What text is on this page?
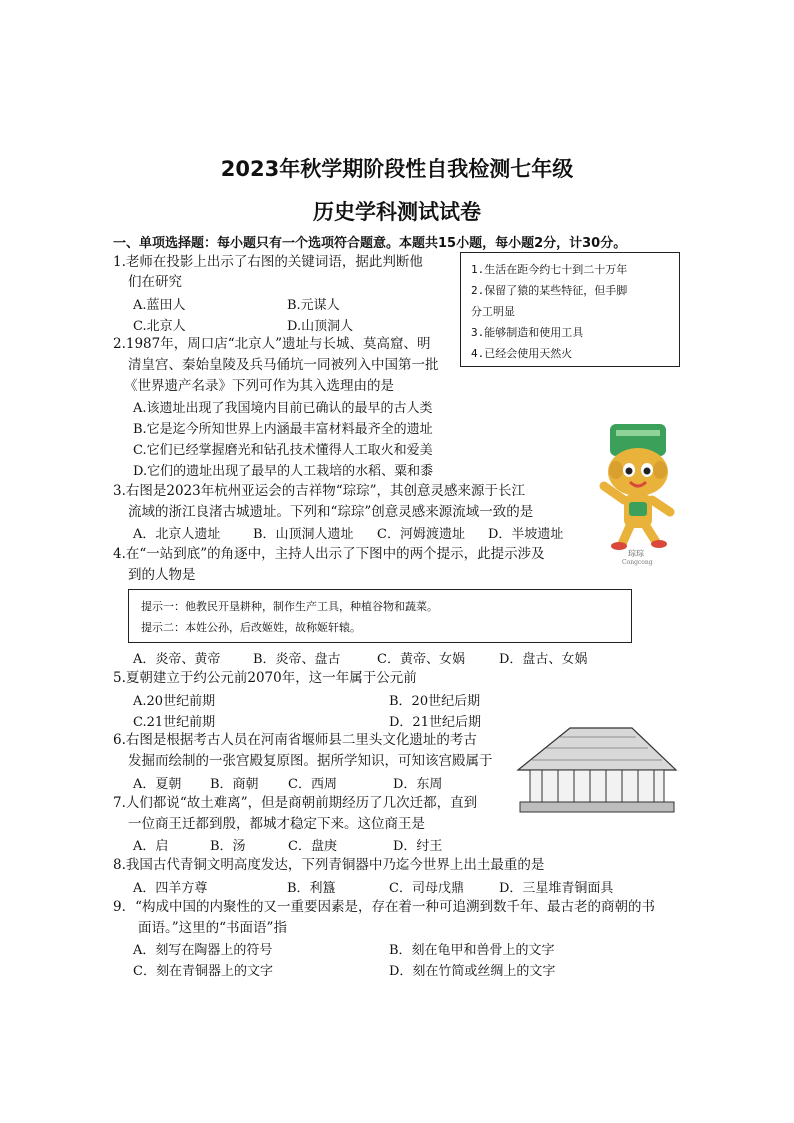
2023年秋学期阶段性自我检测七年级
历史学科测试试卷
一、单项选择题：每小题只有一个选项符合题意。本题共15小题，每小题2分，计30分。
1.老师在投影上出示了右图的关键词语，据此判断他
们在研究
A.蓝田人	B.元谋人
C.北京人	D.山顶洞人
1.生活在距今约七十到二十万年
2.保留了猿的某些特征，但手脚
分工明显
3.能够制造和使用工具
4.已经会使用天然火
2.1987年，周口店“北京人”遗址与长城、莫高窟、明
清皇宫、秦始皇陵及兵马俑坑一同被列入中国第一批
《世界遗产名录》下列可作为其入选理由的是
A.该遗址出现了我国境内目前已确认的最早的古人类
B.它是迄今所知世界上内涵最丰富材料最齐全的遗址
C.它们已经掌握磨光和钻孔技术懂得人工取火和爱美
D.它们的遗址出现了最早的人工栽培的水稻、粟和黍
琮琮
Congcong
3.右图是2023年杭州亚运会的吉祥物“琮琮”，其创意灵感来源于长江
流域的浙江良渚古城遗址。下列和“琮琮”创意灵感来源流域一致的是
A．北京人遗址	B．山顶洞人遗址 C．河姆渡遗址 D．半坡遗址
4.在“一站到底”的角逐中，主持人出示了下图中的两个提示，此提示涉及
到的人物是
提示一：他教民开垦耕种，制作生产工具，种植谷物和蔬菜。
提示二：本姓公孙，后改姬姓，故称姬轩辕。
A．炎帝、黄帝	B．炎帝、盘古	C．黄帝、女娲	D．盘古、女娲
5.夏朝建立于约公元前2070年，这一年属于公元前
A.20世纪前期	B．20世纪后期
C.21世纪前期	D．21世纪后期
6.右图是根据考古人员在河南省堰师县二里头文化遗址的考古
发掘而绘制的一张宫殿复原图。据所学知识，可知该宫殿属于
A．夏朝 B．商朝 C．西周	D．东周
7.人们都说“故土难离”，但是商朝前期经历了几次迁都，直到
一位商王迁都到殷，都城才稳定下来。这位商王是
A．启	B．汤	C．盘庚	D．纣王
8.我国古代青铜文明高度发达，下列青铜器中乃迄今世界上出土最重的是
A．四羊方尊	B．利簋	C．司母戊鼎	D．三星堆青铜面具
9．“构成中国的内聚性的又一重要因素是，存在着一种可追溯到数千年、最古老的商朝的书
面语。”这里的“书面语”指
A．刻写在陶器上的符号	B．刻在龟甲和兽骨上的文字
C．刻在青铜器上的文字	D．刻在竹简或丝绸上的文字
